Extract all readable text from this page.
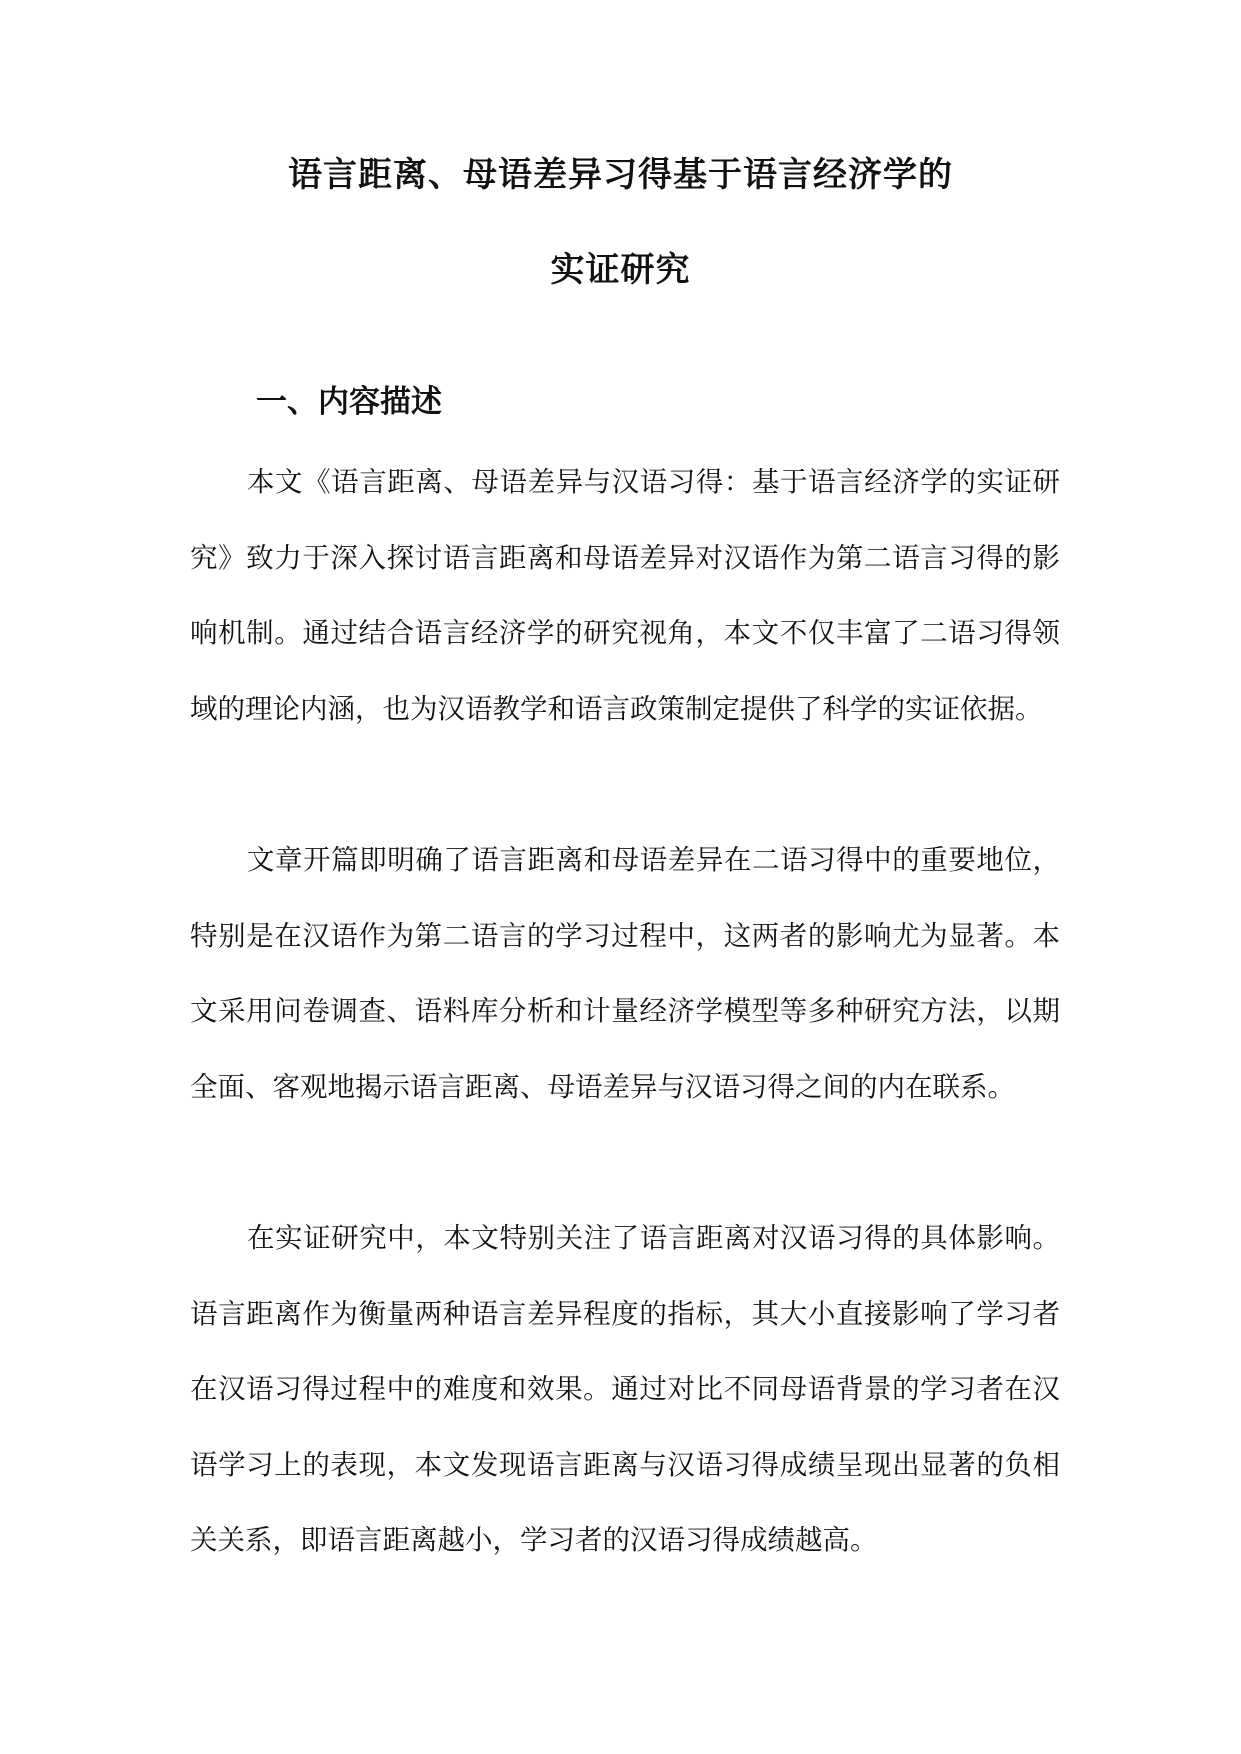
语言距离、母语差异习得基于语言经济学的
实证研究
一、内容描述

本文《语言距离、母语差异与汉语习得：基于语言经济学的实证研究》致力于深入探讨语言距离和母语差异对汉语作为第二语言习得的影响机制。通过结合语言经济学的研究视角，本文不仅丰富了二语习得领域的理论内涵，也为汉语教学和语言政策制定提供了科学的实证依据。

文章开篇即明确了语言距离和母语差异在二语习得中的重要地位，特别是在汉语作为第二语言的学习过程中，这两者的影响尤为显著。本文采用问卷调查、语料库分析和计量经济学模型等多种研究方法，以期全面、客观地揭示语言距离、母语差异与汉语习得之间的内在联系。

在实证研究中，本文特别关注了语言距离对汉语习得的具体影响。语言距离作为衡量两种语言差异程度的指标，其大小直接影响了学习者在汉语习得过程中的难度和效果。通过对比不同母语背景的学习者在汉语学习上的表现，本文发现语言距离与汉语习得成绩呈现出显著的负相关关系，即语言距离越小，学习者的汉语习得成绩越高。
